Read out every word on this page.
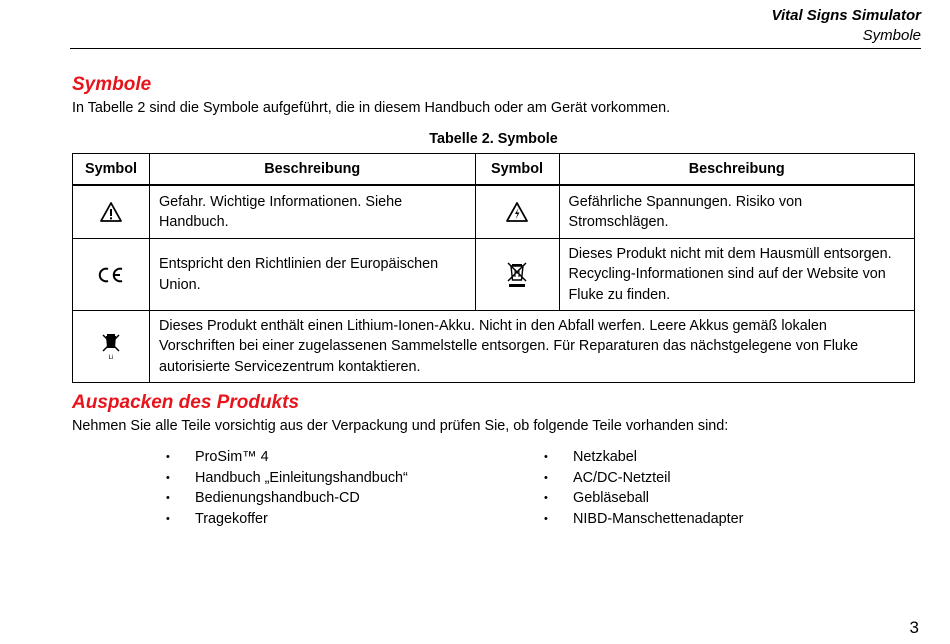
Vital Signs Simulator
Symbole
Symbole
In Tabelle 2 sind die Symbole aufgeführt, die in diesem Handbuch oder am Gerät vorkommen.
Tabelle 2. Symbole
Symbol	Beschreibung	Symbol	Beschreibung

	Gefahr. Wichtige Informationen. Siehe Handbuch.		Gefährliche Spannungen. Risiko von Stromschlägen.

	Entspricht den Richtlinien der Europäischen Union.		Dieses Produkt nicht mit dem Hausmüll entsorgen. Recycling-Informationen sind auf der Website von Fluke zu finden.

Li	Dieses Produkt enthält einen Lithium-Ionen-Akku. Nicht in den Abfall werfen. Leere Akkus gemäß lokalen Vorschriften bei einer zugelassenen Sammelstelle entsorgen. Für Reparaturen das nächstgelegene von Fluke autorisierte Servicezentrum kontaktieren.		
Auspacken des Produkts
Nehmen Sie alle Teile vorsichtig aus der Verpackung und prüfen Sie, ob folgende Teile vorhanden sind:
• ProSim™ 4
• Handbuch „Einleitungshandbuch“
• Bedienungshandbuch-CD
• Tragekoffer
• Netzkabel
• AC/DC-Netzteil
• Gebläseball
• NIBD-Manschettenadapter
3
